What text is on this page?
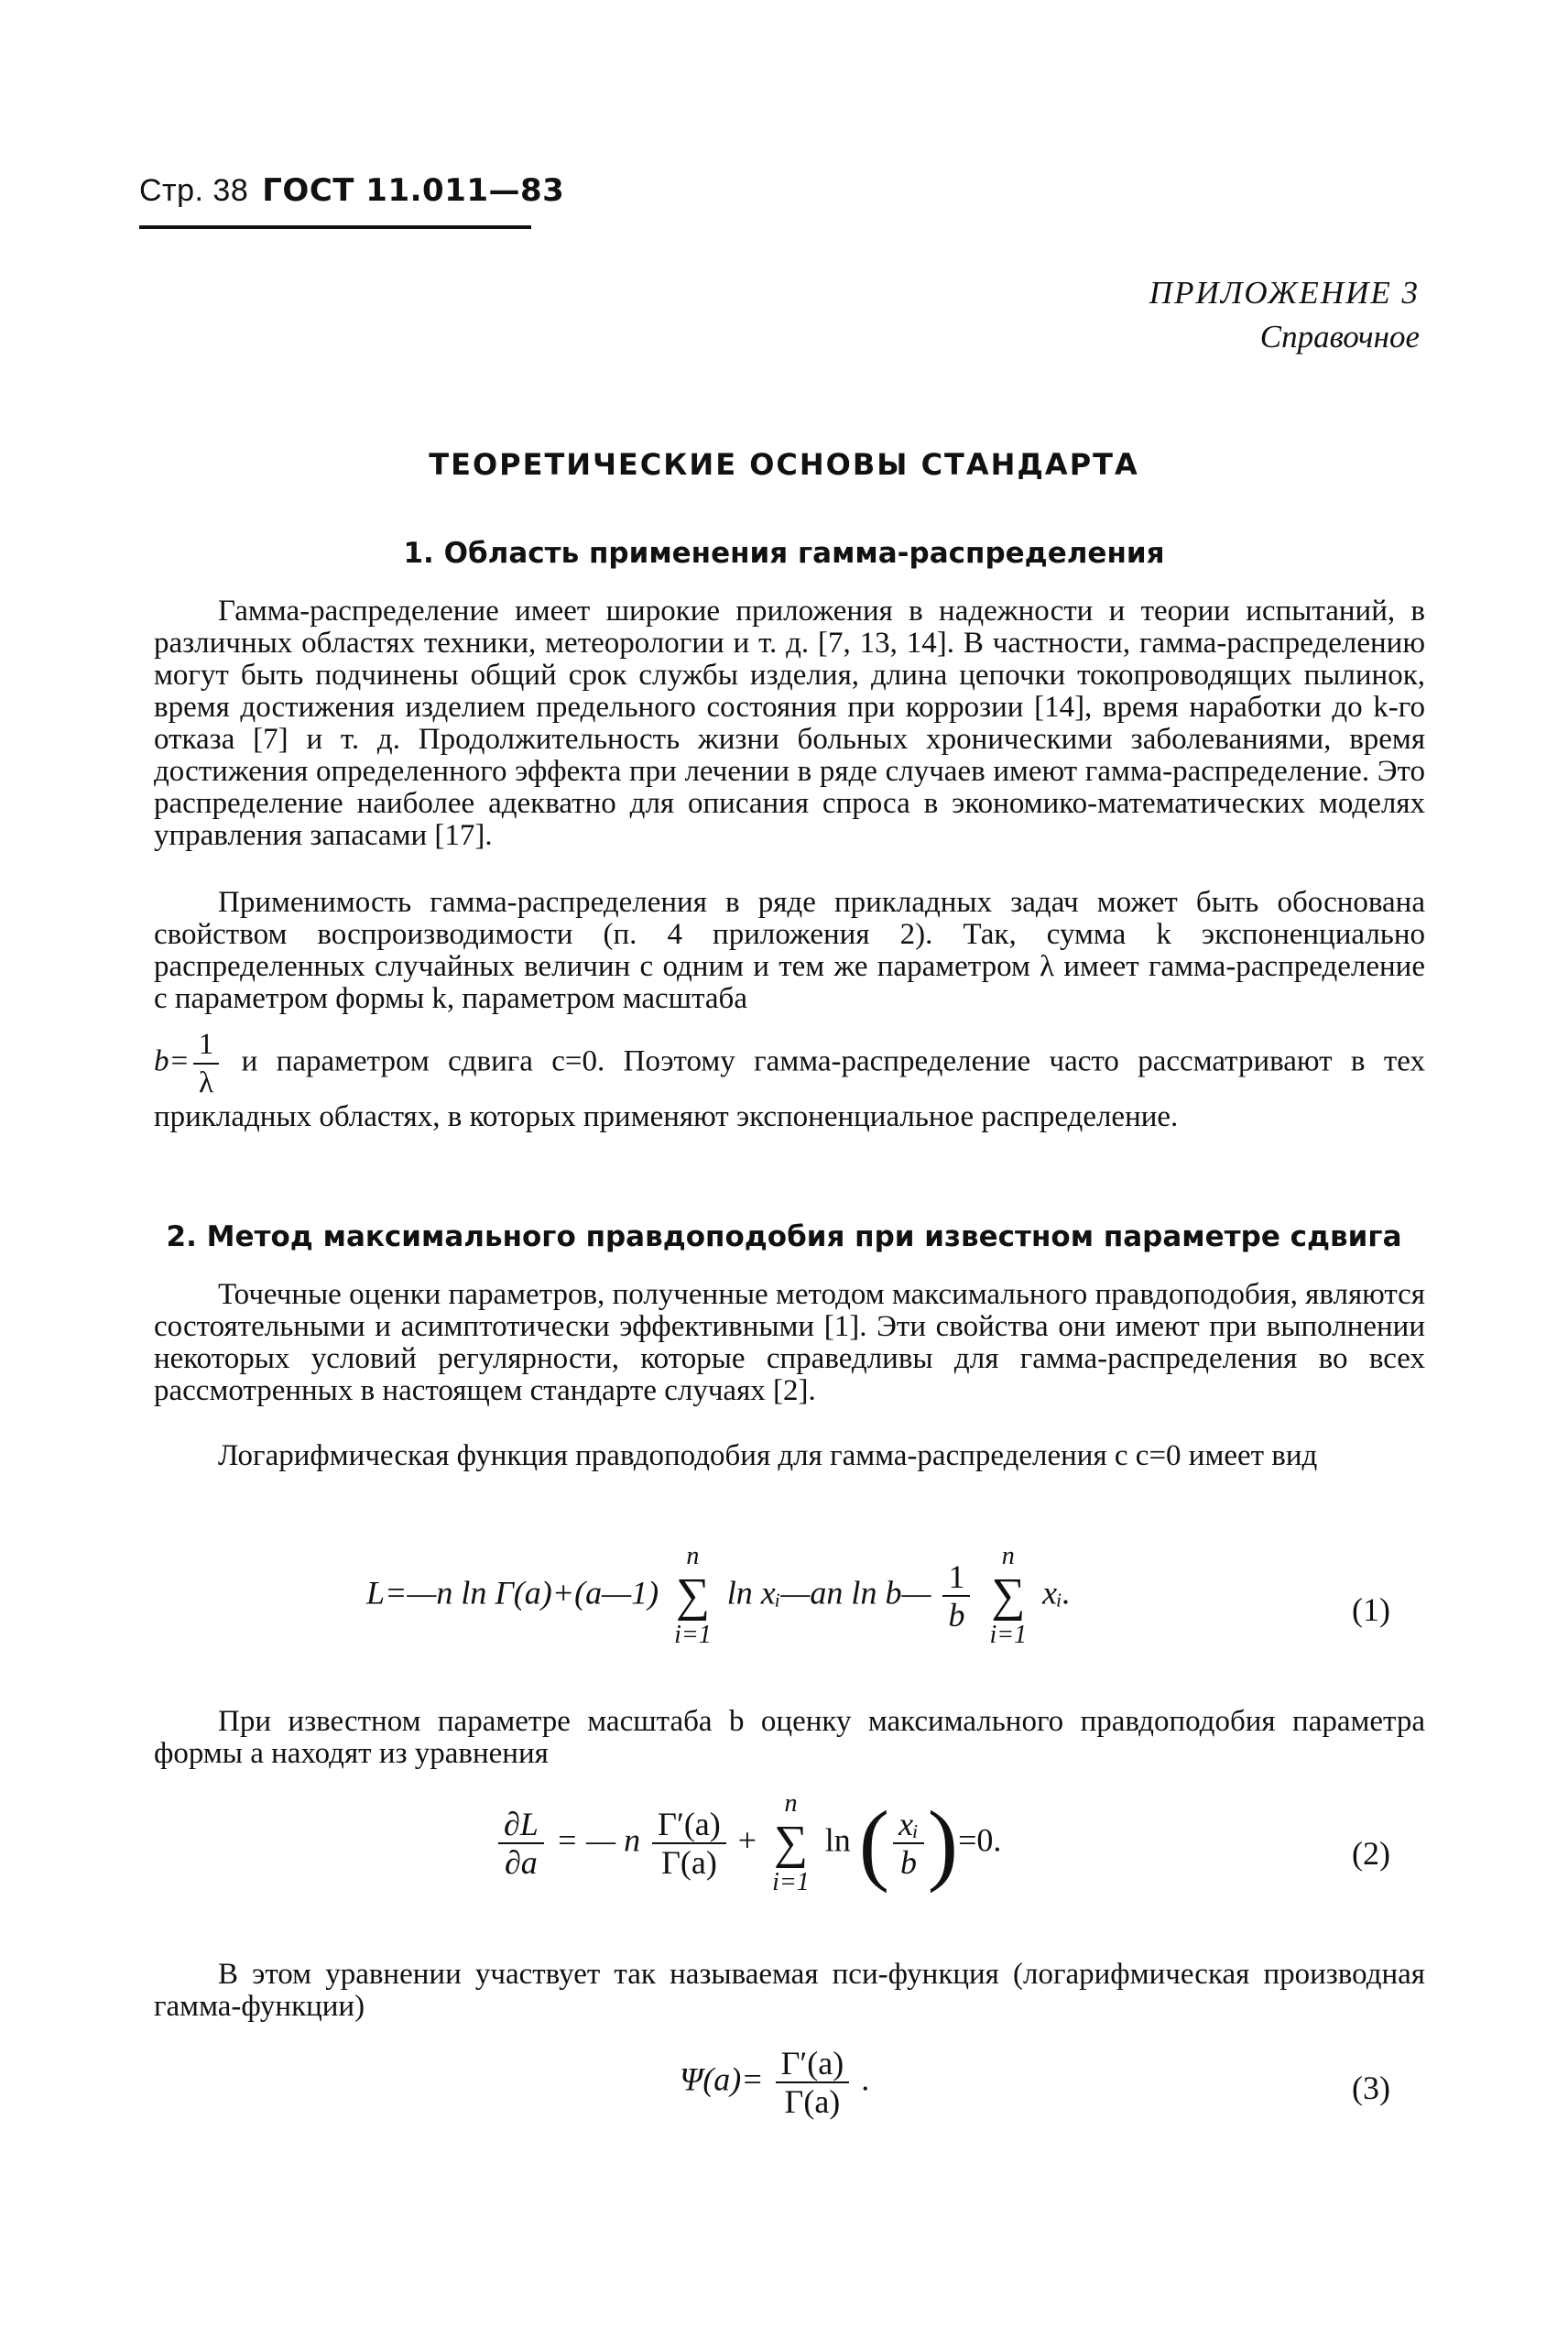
Стр. 38 ГОСТ 11.011—83
ПРИЛОЖЕНИЕ 3
Справочное
ТЕОРЕТИЧЕСКИЕ ОСНОВЫ СТАНДАРТА
1. Область применения гамма-распределения

Гамма-распределение имеет широкие приложения в надежности и теории испытаний, в различных областях техники, метеорологии и т. д. [7, 13, 14]. В частности, гамма-распределению могут быть подчинены общий срок службы изделия, длина цепочки токопроводящих пылинок, время достижения изделием предельного состояния при коррозии [14], время наработки до k-го отказа [7] и т. д. Продолжительность жизни больных хроническими заболеваниями, время достижения определенного эффекта при лечении в ряде случаев имеют гамма-распределение. Это распределение наиболее адекватно для описания спроса в экономико-математических моделях управления запасами [17].

Применимость гамма-распределения в ряде прикладных задач может быть обоснована свойством воспроизводимости (п. 4 приложения 2). Так, сумма k экспоненциально распределенных случайных величин с одним и тем же параметром λ имеет гамма-распределение с параметром формы k, параметром масштаба

$b= \frac{1}{\lambda}$ и параметром сдвига c=0. Поэтому гамма-распределение часто рассматривают в тех прикладных областях, в которых применяют экспоненциальное распределение.

2. Метод максимального правдоподобия при известном параметре сдвига

Точечные оценки параметров, полученные методом максимального правдоподобия, являются состоятельными и асимптотически эффективными [1]. Эти свойства они имеют при выполнении некоторых условий регулярности, которые справедливы для гамма-распределения во всех рассмотренных в настоящем стандарте случаях [2].

Логарифмическая функция правдоподобия для гамма-распределения с c=0 имеет вид

L=—n ln Γ(a)+(a—1)
n
∑
i=1
ln xᵢ—an ln b— $\frac{1}{b}$

n
∑
i=1
xᵢ.	(1)

При известном параметре масштаба b оценку максимального правдоподобия параметра формы a находят из уравнения

$\frac{\partial L}{\partial a}$ = — n $\frac{\Gamma'(a)}{\Gamma(a)}$ +
n
∑
i=1
ln ( $\frac{\text{xᵢ}}{b} )=0$.	(2)

В этом уравнении участвует так называемая пси-функция (логарифмическая производная гамма-функции)

$\Psi(a)= \frac{\Gamma'(a)}{\Gamma(a)}$ .	(3)
